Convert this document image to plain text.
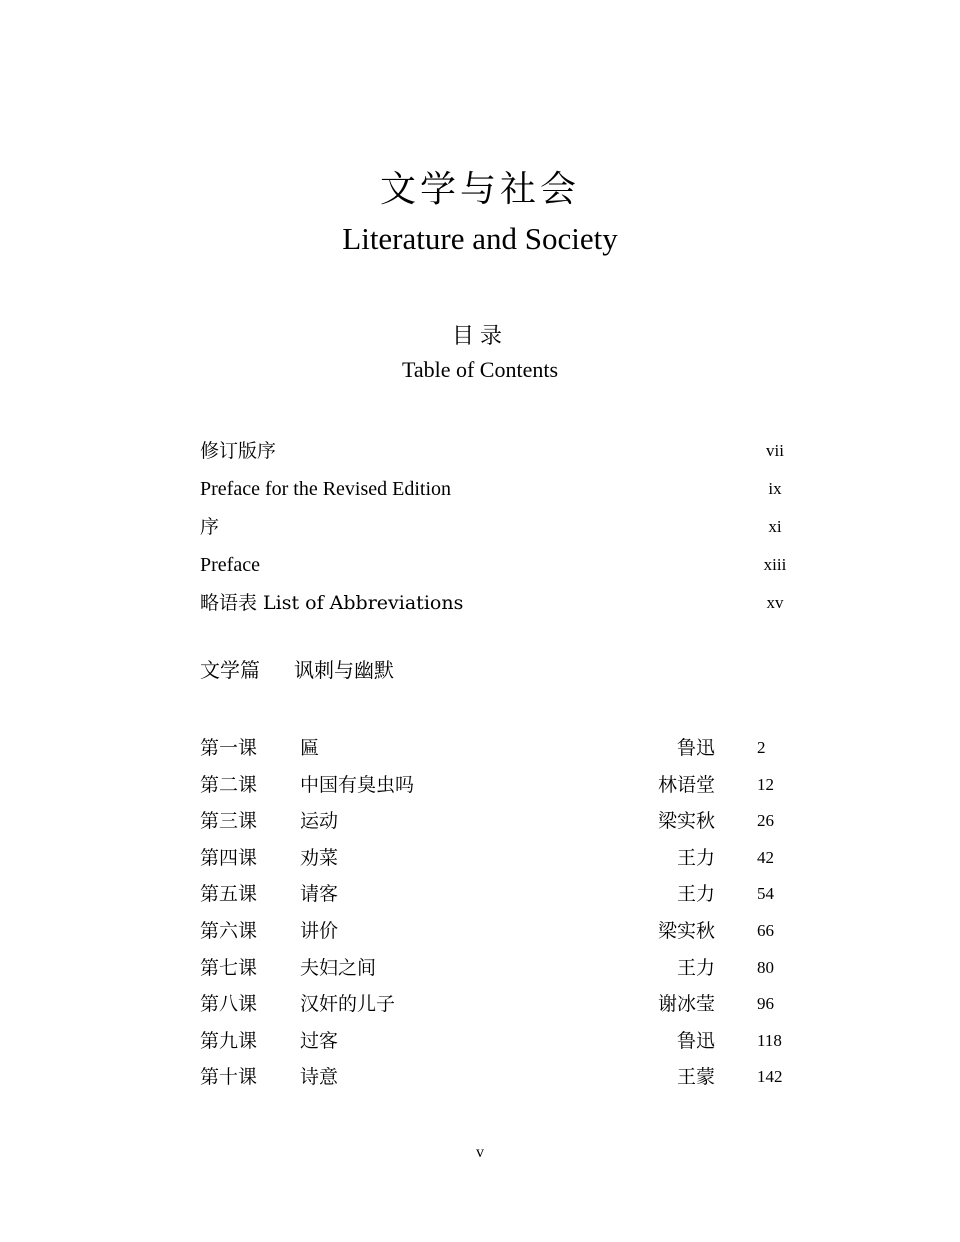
文学与社会
Literature and Society
目录
Table of Contents
修订版序	vii
Preface for the Revised Edition	ix
序	xi
Preface	xiii
略语表 List of Abbreviations	xv
文学篇 讽刺与幽默
第一课	匾	鲁迅 2
第二课	中国有臭虫吗	林语堂 12
第三课	运动	梁实秋 26
第四课	劝菜	王力 42
第五课	请客	王力 54
第六课	讲价	梁实秋 66
第七课	夫妇之间	王力 80
第八课	汉奸的儿子	谢冰莹 96
第九课	过客	鲁迅 118
第十课	诗意	王蒙 142
v
